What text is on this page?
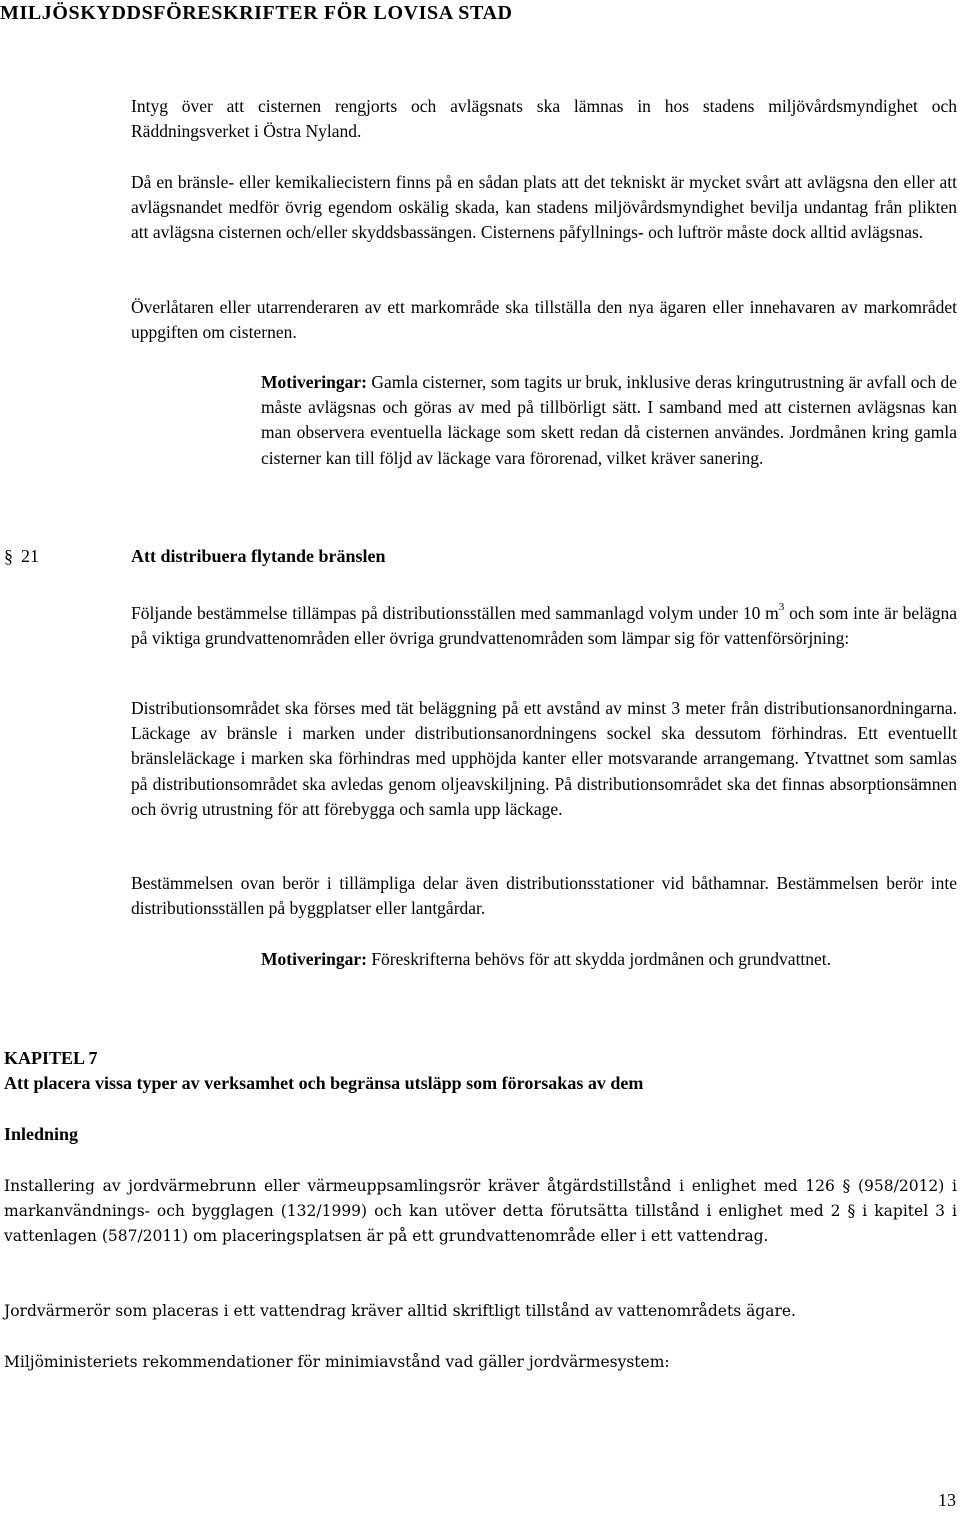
MILJÖSKYDDSFÖRESKRIFTER FÖR LOVISA STAD

Intyg över att cisternen rengjorts och avlägsnats ska lämnas in hos stadens miljövårdsmyndighet och Räddningsverket i Östra Nyland.

Då en bränsle- eller kemikaliecistern finns på en sådan plats att det tekniskt är mycket svårt att avlägsna den eller att avlägsnandet medför övrig egendom oskälig skada, kan stadens miljövårdsmyndighet bevilja undantag från plikten att avlägsna cisternen och/eller skyddsbassängen. Cisternens påfyllnings- och luftrör måste dock alltid avlägsnas.

Överlåtaren eller utarrenderaren av ett markområde ska tillställa den nya ägaren eller innehavaren av markområdet uppgiften om cisternen.

Motiveringar: Gamla cisterner, som tagits ur bruk, inklusive deras kringutrustning är avfall och de måste avlägsnas och göras av med på tillbörligt sätt. I samband med att cisternen avlägsnas kan man observera eventuella läckage som skett redan då cisternen användes. Jordmånen kring gamla cisterner kan till följd av läckage vara förorenad, vilket kräver sanering.

§ 21	Att distribuera flytande bränslen

Följande bestämmelse tillämpas på distributionsställen med sammanlagd volym under 10 $m^3$ och som inte är belägna på viktiga grundvattenområden eller övriga grundvattenområden som lämpar sig för vattenförsörjning:

Distributionsområdet ska förses med tät beläggning på ett avstånd av minst 3 meter från distributionsanordningarna. Läckage av bränsle i marken under distributionsanordningens sockel ska dessutom förhindras. Ett eventuellt bränsleläckage i marken ska förhindras med upphöjda kanter eller motsvarande arrangemang. Ytvattnet som samlas på distributionsområdet ska avledas genom oljeavskiljning. På distributionsområdet ska det finnas absorptionsämnen och övrig utrustning för att förebygga och samla upp läckage.

Bestämmelsen ovan berör i tillämpliga delar även distributionsstationer vid båthamnar. Bestämmelsen berör inte distributionsställen på byggplatser eller lantgårdar.

Motiveringar: Föreskrifterna behövs för att skydda jordmånen och grundvattnet.

KAPITEL 7
Att placera vissa typer av verksamhet och begränsa utsläpp som förorsakas av dem
Inledning

Installering av jordvärmebrunn eller värmeuppsamlingsrör kräver åtgärdstillstånd i enlighet med 126 § (958/2012) i markanvändnings- och bygglagen (132/1999) och kan utöver detta förutsätta tillstånd i enlighet med 2 § i kapitel 3 i vattenlagen (587/2011) om placeringsplatsen är på ett grundvattenområde eller i ett vattendrag.

Jordvärmerör som placeras i ett vattendrag kräver alltid skriftligt tillstånd av vattenområdets ägare.

Miljöministeriets rekommendationer för minimiavstånd vad gäller jordvärmesystem:

13
